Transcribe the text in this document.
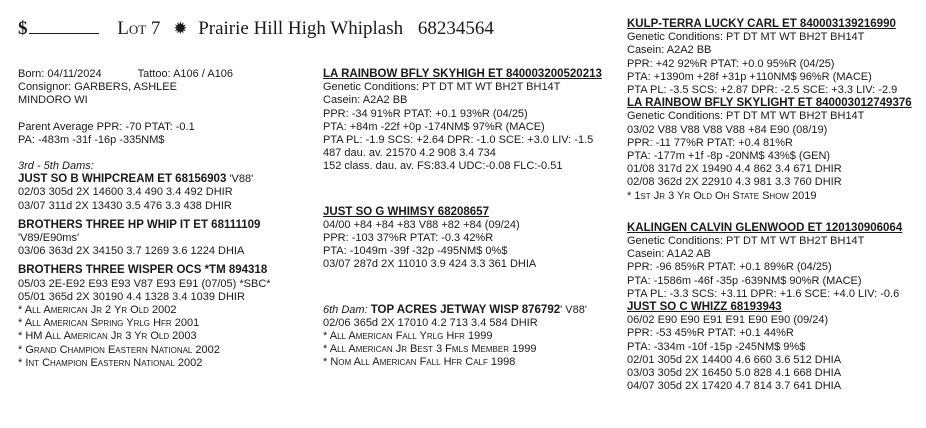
$	Lot 7 ✹ Prairie Hill High Whiplash 68234564
Born: 04/11/2024	Tattoo: A106 / A106
Consignor: GARBERS, ASHLEE
MINDORO WI
Parent Average PPR: -70 PTAT: -0.1
PA: -483m -31f -16p -335NM$
3rd - 5th Dams:
JUST SO B WHIPCREAM ET 68156903 'V88'
02/03 305d 2X 14600 3.4 490 3.4 492 DHIR
03/07 311d 2X 13430 3.5 476 3.3 438 DHIR
BROTHERS THREE HP WHIP IT ET 68111109
'V89/E90ms'
03/06 363d 2X 34150 3.7 1269 3.6 1224 DHIA
BROTHERS THREE WISPER OCS *TM 894318
05/03 2E-E92 E93 E93 V87 E93 E91 (07/05) *SBC*
05/01 365d 2X 30190 4.4 1328 3.4 1039 DHIR
* All American Jr 2 Yr Old 2002
* All American Spring Yrlg Hfr 2001
* HM All American Jr 3 Yr Old 2003
* Grand Champion Eastern National 2002
* Int Champion Eastern National 2002
LA RAINBOW BFLY SKYHIGH ET 840003200520213
Genetic Conditions: PT DT MT WT BH2T BH14T
Casein: A2A2 BB
PPR: -34 91%R PTAT: +0.1 93%R (04/25)
PTA: +84m -22f +0p -174NM$ 97%R (MACE)
PTA PL: -1.9 SCS: +2.64 DPR: -1.0 SCE: +3.0 LIV: -1.5
487 dau. av. 21570 4.2 908 3.4 734
152 class. dau. av. FS:83.4 UDC:-0.08 FLC:-0.51
JUST SO G WHIMSY 68208657
04/00 +84 +84 +83 V88 +82 +84 (09/24)
PPR: -103 37%R PTAT: -0.3 42%R
PTA: -1049m -39f -32p -495NM$ 0%$
03/07 287d 2X 11010 3.9 424 3.3 361 DHIA
6th Dam: TOP ACRES JETWAY WISP 876792' V88'
02/06 365d 2X 17010 4.2 713 3.4 584 DHIR
* All American Fall Yrlg Hfr 1999
* All American Jr Best 3 Fmls Member 1999
* Nom All American Fall Hfr Calf 1998
KULP-TERRA LUCKY CARL ET 840003139216990
Genetic Conditions: PT DT MT WT BH2T BH14T
Casein: A2A2 BB
PPR: +42 92%R PTAT: +0.0 95%R (04/25)
PTA: +1390m +28f +31p +110NM$ 96%R (MACE)
PTA PL: -3.5 SCS: +2.87 DPR: -2.5 SCE: +3.3 LIV: -2.9
LA RAINBOW BFLY SKYLIGHT ET 840003012749376
Genetic Conditions: PT DT MT WT BH2T BH14T
03/02 V88 V88 V88 V88 +84 E90 (08/19)
PPR: -11 77%R PTAT: +0.4 81%R
PTA: -177m +1f -8p -20NM$ 43%$ (GEN)
01/08 317d 2X 19490 4.4 862 3.4 671 DHIR
02/08 362d 2X 22910 4.3 981 3.3 760 DHIR
* 1st Jr 3 Yr Old Oh State Show 2019
KALINGEN CALVIN GLENWOOD ET 120130906064
Genetic Conditions: PT DT MT WT BH2T BH14T
Casein: A1A2 AB
PPR: -96 85%R PTAT: +0.1 89%R (04/25)
PTA: -1586m -46f -35p -639NM$ 90%R (MACE)
PTA PL: -3.3 SCS: +3.11 DPR: +1.6 SCE: +4.0 LIV: -0.6
JUST SO C WHIZZ 68193943
06/02 E90 E90 E91 E91 E90 E90 (09/24)
PPR: -53 45%R PTAT: +0.1 44%R
PTA: -334m -10f -15p -245NM$ 9%$
02/01 305d 2X 14400 4.6 660 3.6 512 DHIA
03/03 305d 2X 16450 5.0 828 4.1 668 DHIA
04/07 305d 2X 17420 4.7 814 3.7 641 DHIA
